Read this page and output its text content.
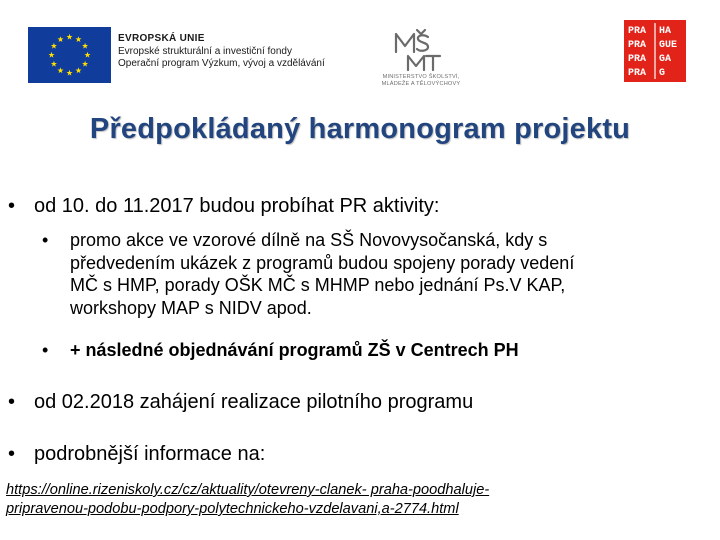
EVROPSKÁ UNIE
Evropské strukturální a investiční fondy
Operační program Výzkum, vývoj a vzdělávání
MINISTERSTVO ŠKOLSTVÍ,
MLÁDEŽE A TĚLOVÝCHOVY
PRA HA
PRA GUE
PRA GA
PRA G
Předpokládaný harmonogram projektu
• od 10. do 11.2017 budou probíhat PR aktivity:
• promo akce ve vzorové dílně na SŠ Novovysočanská, kdy s
předvedením ukázek z programů budou spojeny porady vedení
MČ s HMP, porady OŠK MČ s MHMP nebo jednání Ps.V KAP,
workshopy MAP s NIDV apod.
• + následné objednávání programů ZŠ v Centrech PH
• od 02.2018 zahájení realizace pilotního programu
• podrobnější informace na:
https://online.rizeniskoly.cz/cz/aktuality/otevreny-clanek- praha-poodhaluje-
pripravenou-podobu-podpory-polytechnickeho-vzdelavani,a-2774.html
